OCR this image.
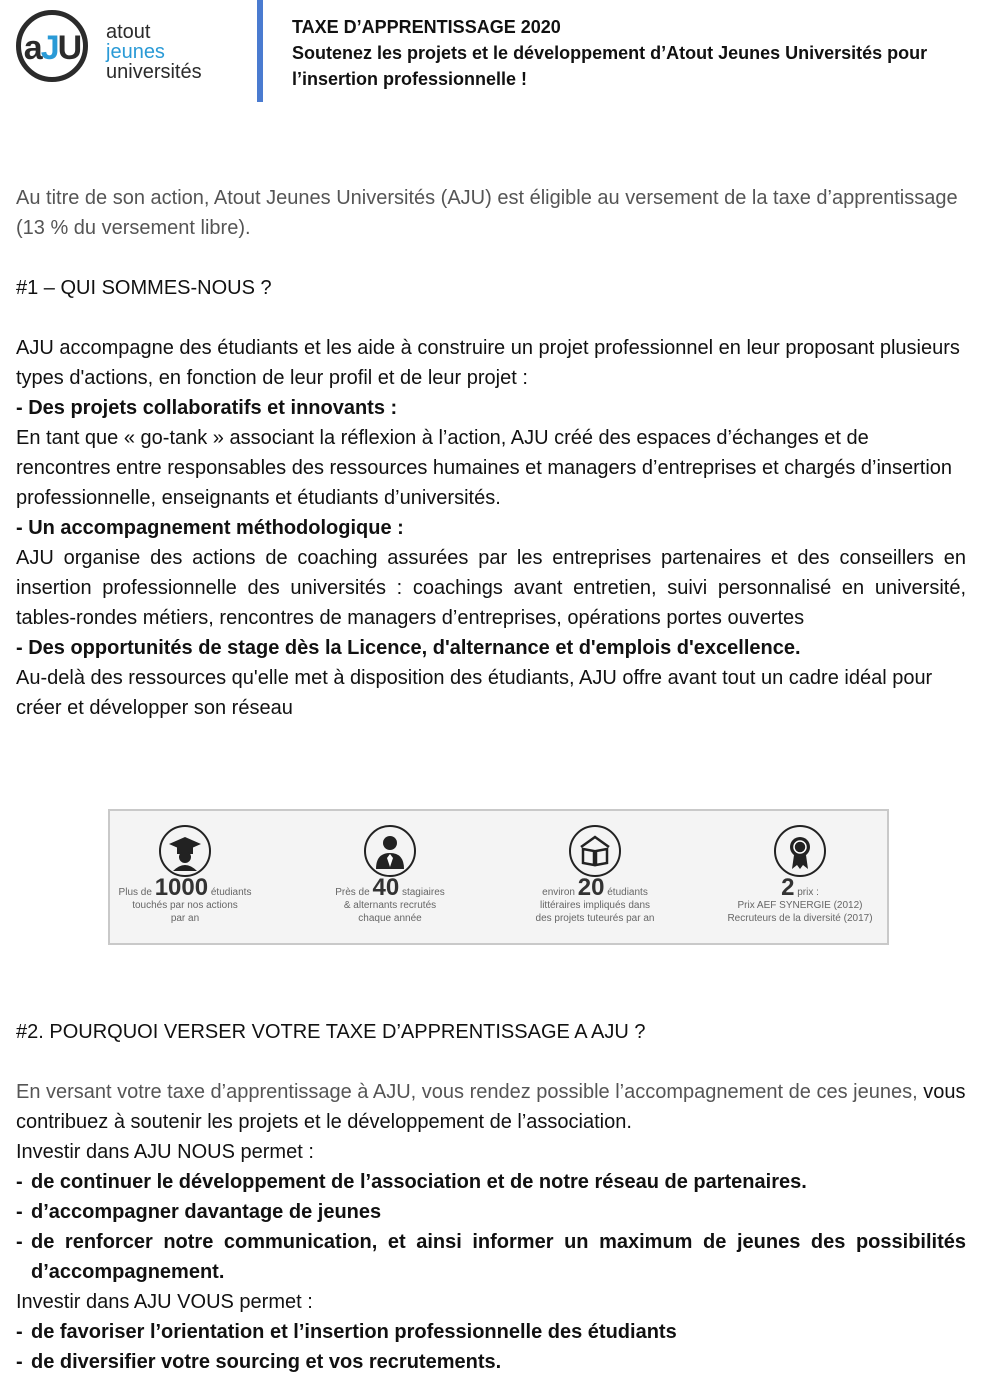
aJU atout
jeunes
universités
TAXE D’APPRENTISSAGE 2020
Soutenez les projets et le développement d’Atout Jeunes Universités pour l’insertion professionnelle !

Au titre de son action, Atout Jeunes Universités (AJU) est éligible au versement de la taxe d’apprentissage (13 % du versement libre).

#1 – QUI SOMMES-NOUS ?

AJU accompagne des étudiants et les aide à construire un projet professionnel en leur proposant plusieurs types d'actions, en fonction de leur profil et de leur projet :

- Des projets collaboratifs et innovants :

En tant que « go-tank » associant la réflexion à l’action, AJU créé des espaces d’échanges et de rencontres entre responsables des ressources humaines et managers d’entreprises et chargés d’insertion professionnelle, enseignants et étudiants d’universités.

- Un accompagnement méthodologique :

AJU organise des actions de coaching assurées par les entreprises partenaires et des conseillers en insertion professionnelle des universités : coachings avant entretien, suivi personnalisé en université, tables-rondes métiers, rencontres de managers d’entreprises, opérations portes ouvertes

- Des opportunités de stage dès la Licence, d'alternance et d'emplois d'excellence.

Au-delà des ressources qu'elle met à disposition des étudiants, AJU offre avant tout un cadre idéal pour créer et développer son réseau

Plus de 1000 étudiants
touchés par nos actions
par an
Près de 40 stagiaires
& alternants recrutés
chaque année
environ 20 étudiants
littéraires impliqués dans
des projets tuteurés par an
2 prix :
Prix AEF SYNERGIE (2012)
Recruteurs de la diversité (2017)

#2. POURQUOI VERSER VOTRE TAXE D’APPRENTISSAGE A AJU ?

En versant votre taxe d’apprentissage à AJU, vous rendez possible l’accompagnement de ces jeunes, vous contribuez à soutenir les projets et le développement de l’association.

Investir dans AJU NOUS permet :

- de continuer le développement de l’association et de notre réseau de partenaires.
- d’accompagner davantage de jeunes
- de renforcer notre communication, et ainsi informer un maximum de jeunes des possibilités d’accompagnement.

Investir dans AJU VOUS permet :

- de favoriser l’orientation et l’insertion professionnelle des étudiants
- de diversifier votre sourcing et vos recrutements.
